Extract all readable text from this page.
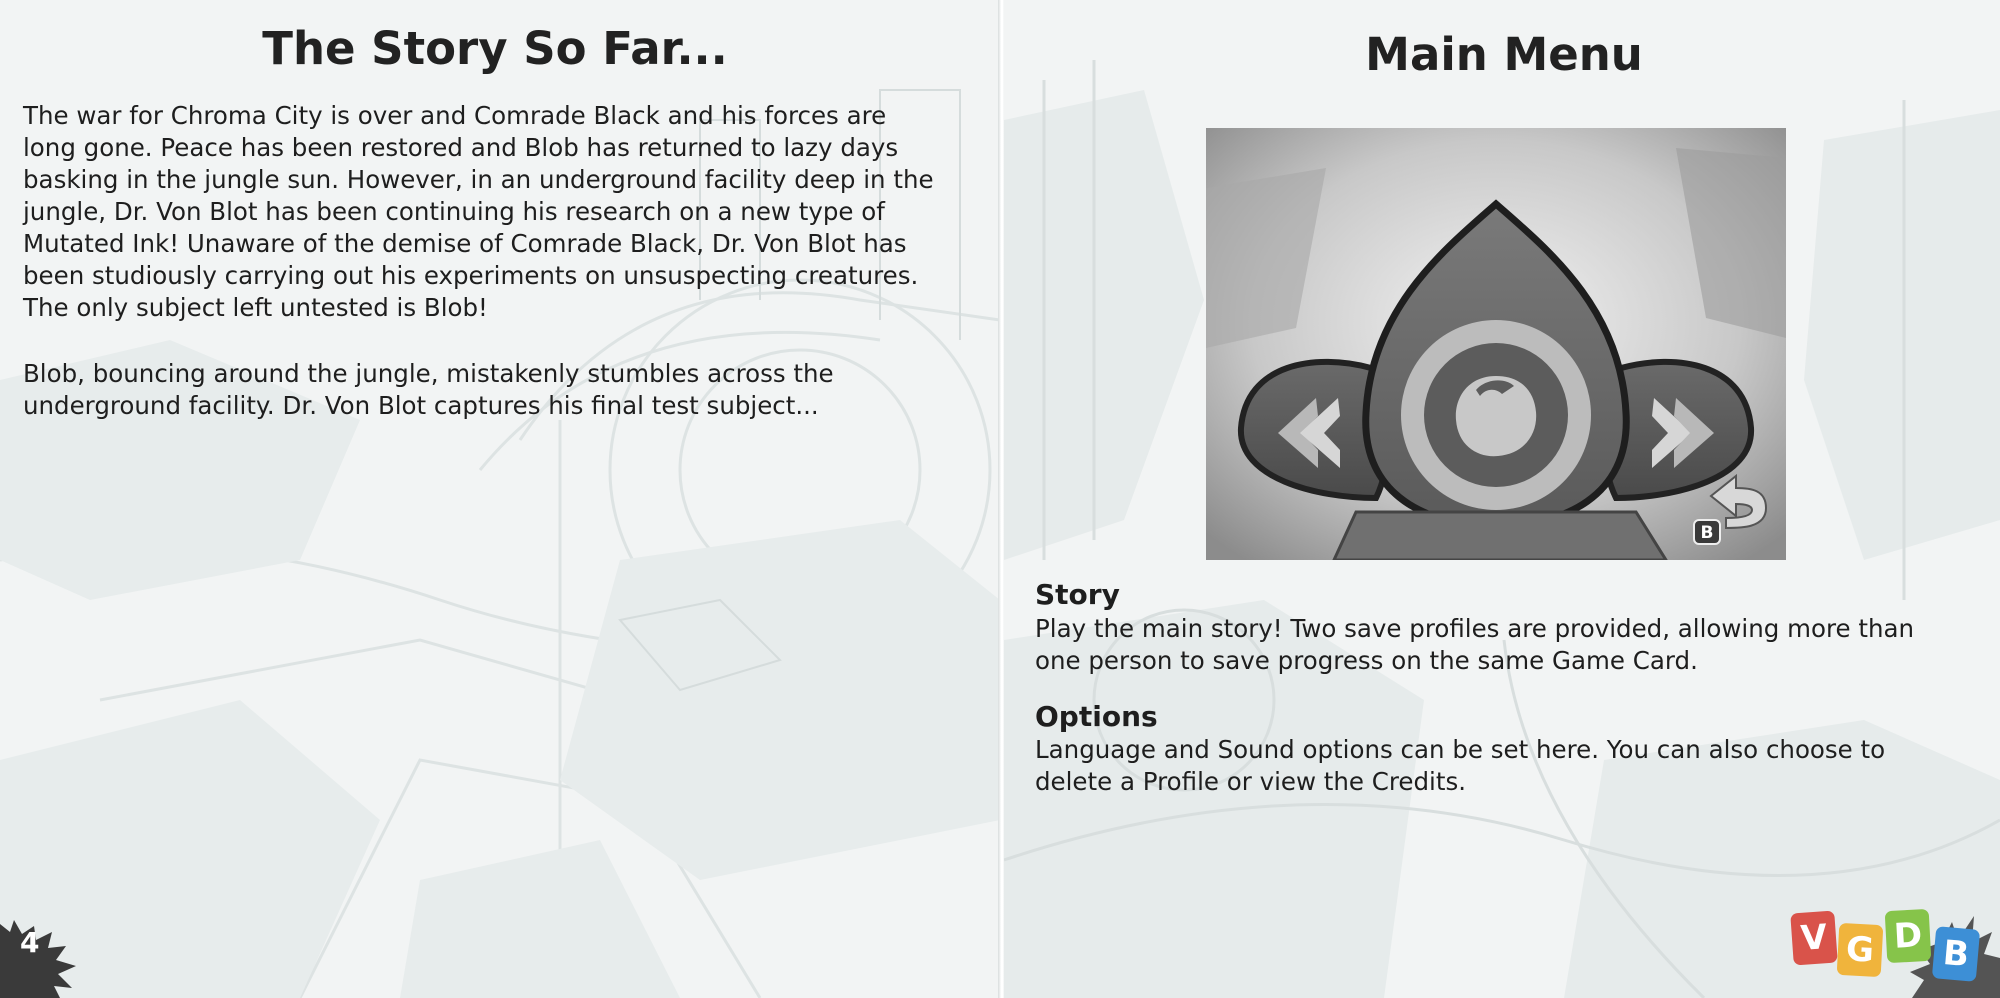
The Story So Far...

The war for Chroma City is over and Comrade Black and his forces are
long gone. Peace has been restored and Blob has returned to lazy days
basking in the jungle sun. However, in an underground facility deep in the
jungle, Dr. Von Blot has been continuing his research on a new type of
Mutated Ink! Unaware of the demise of Comrade Black, Dr. Von Blot has
been studiously carrying out his experiments on unsuspecting creatures.
The only subject left untested is Blob!

Blob, bouncing around the jungle, mistakenly stumbles across the
underground facility. Dr. Von Blot captures his final test subject...

4
Main Menu
B
Story

Play the main story! Two save profiles are provided, allowing more than
one person to save progress on the same Game Card.

Options

Language and Sound options can be set here. You can also choose to
delete a Profile or view the Credits.

V G D B
